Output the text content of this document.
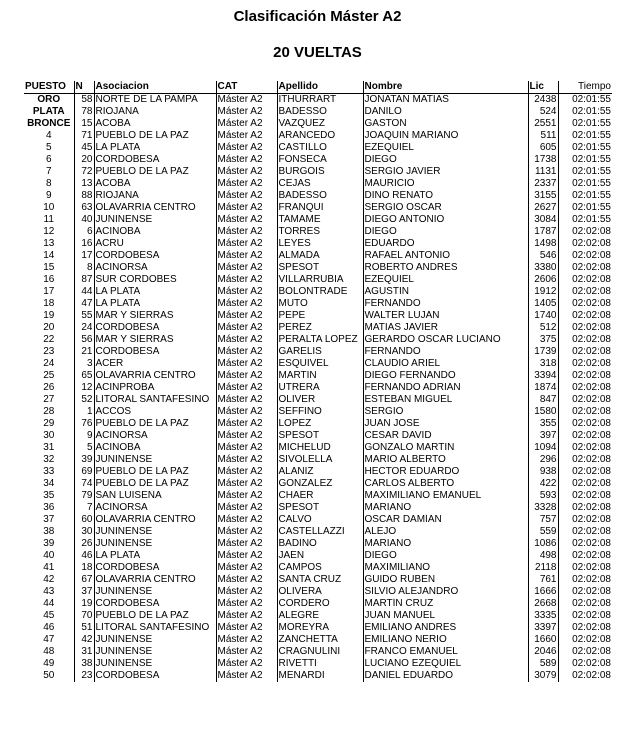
Clasificación Máster A2
20 VUELTAS
PUESTO	N	Asociacion	CAT	Apellido	Nombre	Lic	Tiempo
ORO	58	NORTE DE LA PAMPA	Máster A2	ITHURRART	JONATAN MATIAS	2438	02:01:55
PLATA	78	RIOJANA	Máster A2	BADESSO	DANILO	524	02:01:55
BRONCE	15	ACOBA	Máster A2	VAZQUEZ	GASTON	2551	02:01:55
4	71	PUEBLO DE LA PAZ	Máster A2	ARANCEDO	JOAQUIN MARIANO	511	02:01:55
5	45	LA PLATA	Máster A2	CASTILLO	EZEQUIEL	605	02:01:55
6	20	CORDOBESA	Máster A2	FONSECA	DIEGO	1738	02:01:55
7	72	PUEBLO DE LA PAZ	Máster A2	BURGOIS	SERGIO JAVIER	1131	02:01:55
8	13	ACOBA	Máster A2	CEJAS	MAURICIO	2337	02:01:55
9	88	RIOJANA	Máster A2	BADESSO	DINO RENATO	3155	02:01:55
10	63	OLAVARRIA CENTRO	Máster A2	FRANQUI	SERGIO OSCAR	2627	02:01:55
11	40	JUNINENSE	Máster A2	TAMAME	DIEGO ANTONIO	3084	02:01:55
12	6	ACINOBA	Máster A2	TORRES	DIEGO	1787	02:02:08
13	16	ACRU	Máster A2	LEYES	EDUARDO	1498	02:02:08
14	17	CORDOBESA	Máster A2	ALMADA	RAFAEL ANTONIO	546	02:02:08
15	8	ACINORSA	Máster A2	SPESOT	ROBERTO ANDRES	3380	02:02:08
16	87	SUR CORDOBES	Máster A2	VILLARRUBIA	EZEQUIEL	2606	02:02:08
17	44	LA PLATA	Máster A2	BOLONTRADE	AGUSTIN	1912	02:02:08
18	47	LA PLATA	Máster A2	MUTO	FERNANDO	1405	02:02:08
19	55	MAR Y SIERRAS	Máster A2	PEPE	WALTER LUJAN	1740	02:02:08
20	24	CORDOBESA	Máster A2	PEREZ	MATIAS JAVIER	512	02:02:08
22	56	MAR Y SIERRAS	Máster A2	PERALTA LOPEZ	GERARDO OSCAR LUCIANO	375	02:02:08
23	21	CORDOBESA	Máster A2	GARELIS	FERNANDO	1739	02:02:08
24	3	ACER	Máster A2	ESQUIVEL	CLAUDIO ARIEL	318	02:02:08
25	65	OLAVARRIA CENTRO	Máster A2	MARTIN	DIEGO FERNANDO	3394	02:02:08
26	12	ACINPROBA	Máster A2	UTRERA	FERNANDO ADRIAN	1874	02:02:08
27	52	LITORAL SANTAFESINO	Máster A2	OLIVER	ESTEBAN MIGUEL	847	02:02:08
28	1	ACCOS	Máster A2	SEFFINO	SERGIO	1580	02:02:08
29	76	PUEBLO DE LA PAZ	Máster A2	LOPEZ	JUAN JOSE	355	02:02:08
30	9	ACINORSA	Máster A2	SPESOT	CESAR DAVID	397	02:02:08
31	5	ACINOBA	Máster A2	MICHELUD	GONZALO MARTIN	1094	02:02:08
32	39	JUNINENSE	Máster A2	SIVOLELLA	MARIO ALBERTO	296	02:02:08
33	69	PUEBLO DE LA PAZ	Máster A2	ALANIZ	HECTOR EDUARDO	938	02:02:08
34	74	PUEBLO DE LA PAZ	Máster A2	GONZALEZ	CARLOS ALBERTO	422	02:02:08
35	79	SAN LUISEÑA	Máster A2	CHAER	MAXIMILIANO EMANUEL	593	02:02:08
36	7	ACINORSA	Máster A2	SPESOT	MARIANO	3328	02:02:08
37	60	OLAVARRIA CENTRO	Máster A2	CALVO	OSCAR DAMÍAN	757	02:02:08
38	30	JUNINENSE	Máster A2	CASTELLAZZI	ALEJO	559	02:02:08
39	26	JUNINENSE	Máster A2	BADINO	MARIANO	1086	02:02:08
40	46	LA PLATA	Máster A2	JAEN	DIEGO	498	02:02:08
41	18	CORDOBESA	Máster A2	CAMPOS	MAXIMILIANO	2118	02:02:08
42	67	OLAVARRIA CENTRO	Máster A2	SANTA CRUZ	GUIDO RUBÉN	761	02:02:08
43	37	JUNINENSE	Máster A2	OLIVERA	SILVIO ALEJANDRO	1666	02:02:08
44	19	CORDOBESA	Máster A2	CORDERO	MARTÍN CRUZ	2668	02:02:08
45	70	PUEBLO DE LA PAZ	Máster A2	ALEGRE	JUAN MANUEL	3335	02:02:08
46	51	LITORAL SANTAFESINO	Máster A2	MOREYRA	EMILIANO ANDRES	3397	02:02:08
47	42	JUNINENSE	Máster A2	ZANCHETTA	EMILIANO NERIO	1660	02:02:08
48	31	JUNINENSE	Máster A2	CRAGNULINI	FRANCO EMANUEL	2046	02:02:08
49	38	JUNINENSE	Máster A2	RIVETTI	LUCIANO EZEQUIEL	589	02:02:08
50	23	CORDOBESA	Máster A2	MENARDI	DANIEL EDUARDO	3079	02:02:08
